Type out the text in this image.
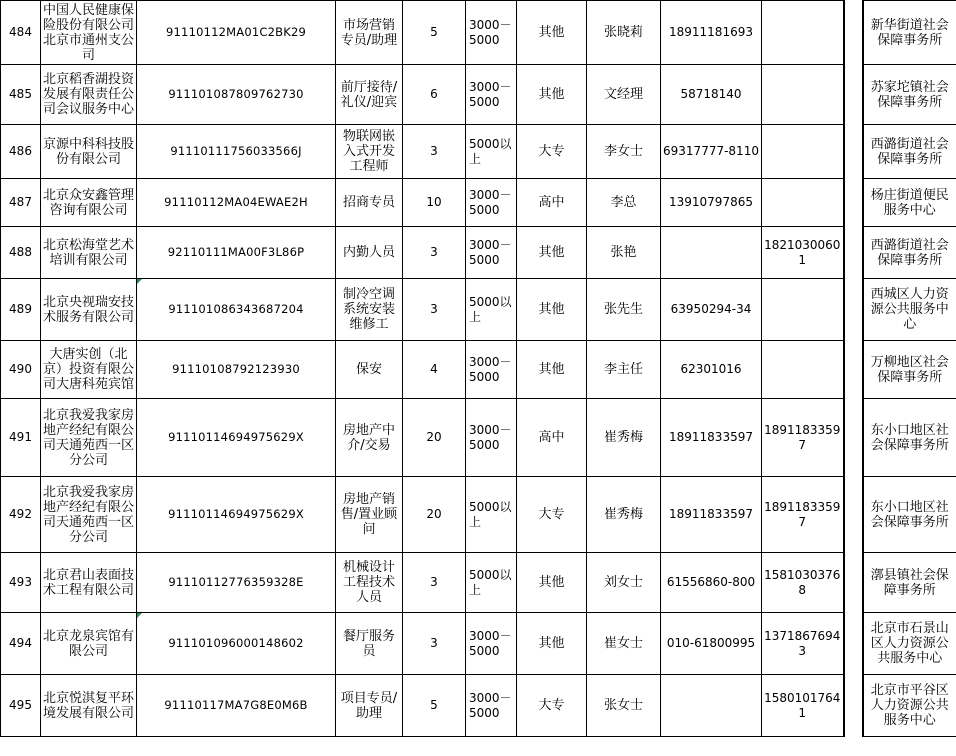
484	中国人民健康保险股份有限公司北京市通州支公司	91110112MA01C2BK29	市场营销专员/助理	5	3000－5000	其他	张晓莉	18911181693			新华街道社会保障事务所

485	北京稻香湖投资发展有限责任公司会议服务中心	911101087809762730	前厅接待/礼仪/迎宾	6	3000－5000	其他	文经理	58718140			苏家坨镇社会保障事务所

486	京源中科科技股份有限公司	91110111756033566J	物联网嵌入式开发工程师	3	5000以上	大专	李女士	69317777-8110			西潞街道社会保障事务所

487	北京众安鑫管理咨询有限公司	91110112MA04EWAE2H	招商专员	10	3000－5000	高中	李总	13910797865			杨庄街道便民服务中心

488	北京松海堂艺术培训有限公司	92110111MA00F3L86P	内勤人员	3	3000－5000	其他	张艳		18210300601		西潞街道社会保障事务所

489	北京央视瑞安技术服务有限公司	911101086343687204	制冷空调系统安装维修工	3	5000以上	其他	张先生	63950294-34			西城区人力资源公共服务中心

490	大唐实创（北京）投资有限公司大唐科苑宾馆	91110108792123930	保安	4	3000－5000	其他	李主任	62301016			万柳地区社会保障事务所

491	北京我爱我家房地产经纪有限公司天通苑西一区分公司	91110114694975629X	房地产中介/交易	20	3000－5000	高中	崔秀梅	18911833597	18911833597		东小口地区社会保障事务所

492	北京我爱我家房地产经纪有限公司天通苑西一区分公司	91110114694975629X	房地产销售/置业顾问	20	5000以上	大专	崔秀梅	18911833597	18911833597		东小口地区社会保障事务所

493	北京君山表面技术工程有限公司	91110112776359328E	机械设计工程技术人员	3	5000以上	其他	刘女士	61556860-800	15810303768		漷县镇社会保障事务所

494	北京龙泉宾馆有限公司	911101096000148602	餐厅服务员	3	3000－5000	其他	崔女士	010-61800995	13718676943		北京市石景山区人力资源公共服务中心

495	北京悦淇复平环境发展有限公司	91110117MA7G8E0M6B	项目专员/助理	5	3000－5000	大专	张女士		15801017641		北京市平谷区人力资源公共服务中心
